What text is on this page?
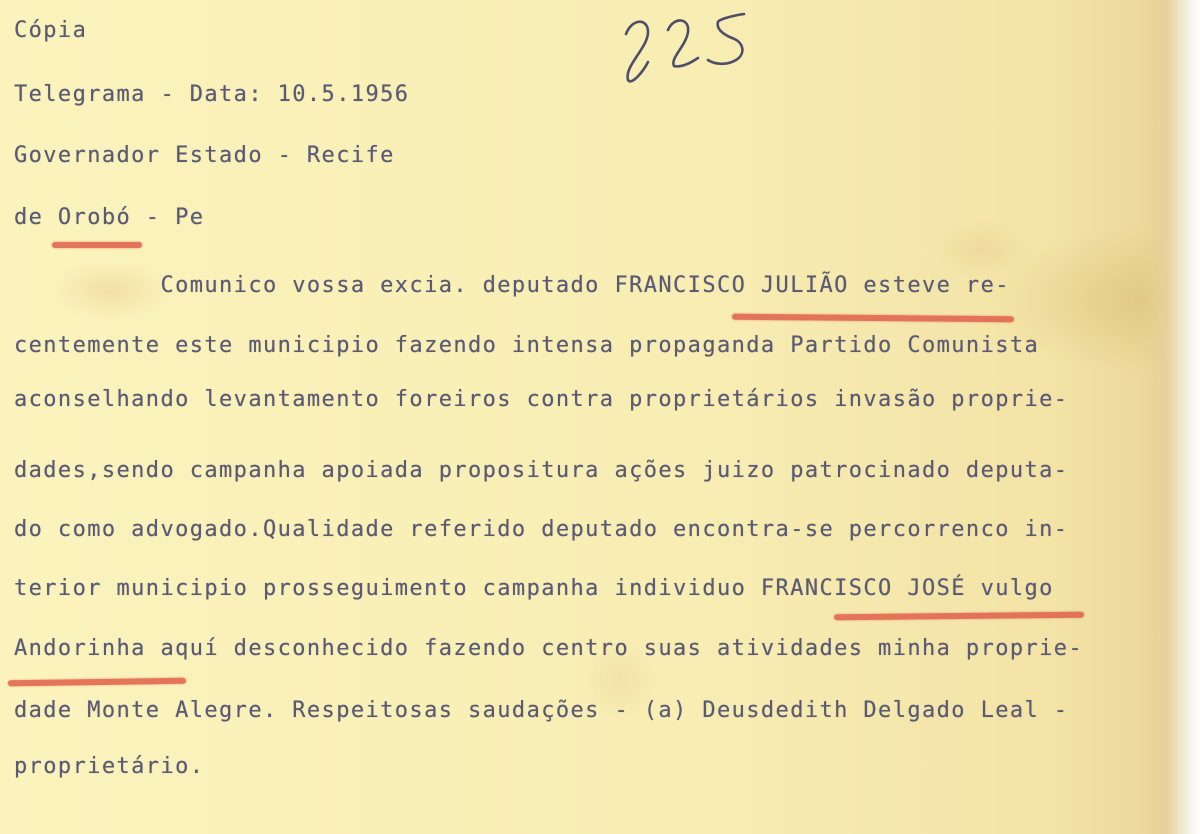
Cópia

Telegrama - Data: 10.5.1956

Governador Estado - Recife

de Orobó - Pe

Comunico vossa excia. deputado FRANCISCO JULIÃO esteve re-

centemente este municipio fazendo intensa propaganda Partido Comunista

aconselhando levantamento foreiros contra proprietários invasão proprie-

dades,sendo campanha apoiada propositura ações juizo patrocinado deputa-

do como advogado.Qualidade referido deputado encontra-se percorrenco in-

terior municipio prosseguimento campanha individuo FRANCISCO JOSÉ vulgo

Andorinha aquí desconhecido fazendo centro suas atividades minha proprie-

dade Monte Alegre. Respeitosas saudações - (a) Deusdedith Delgado Leal -

proprietário.
